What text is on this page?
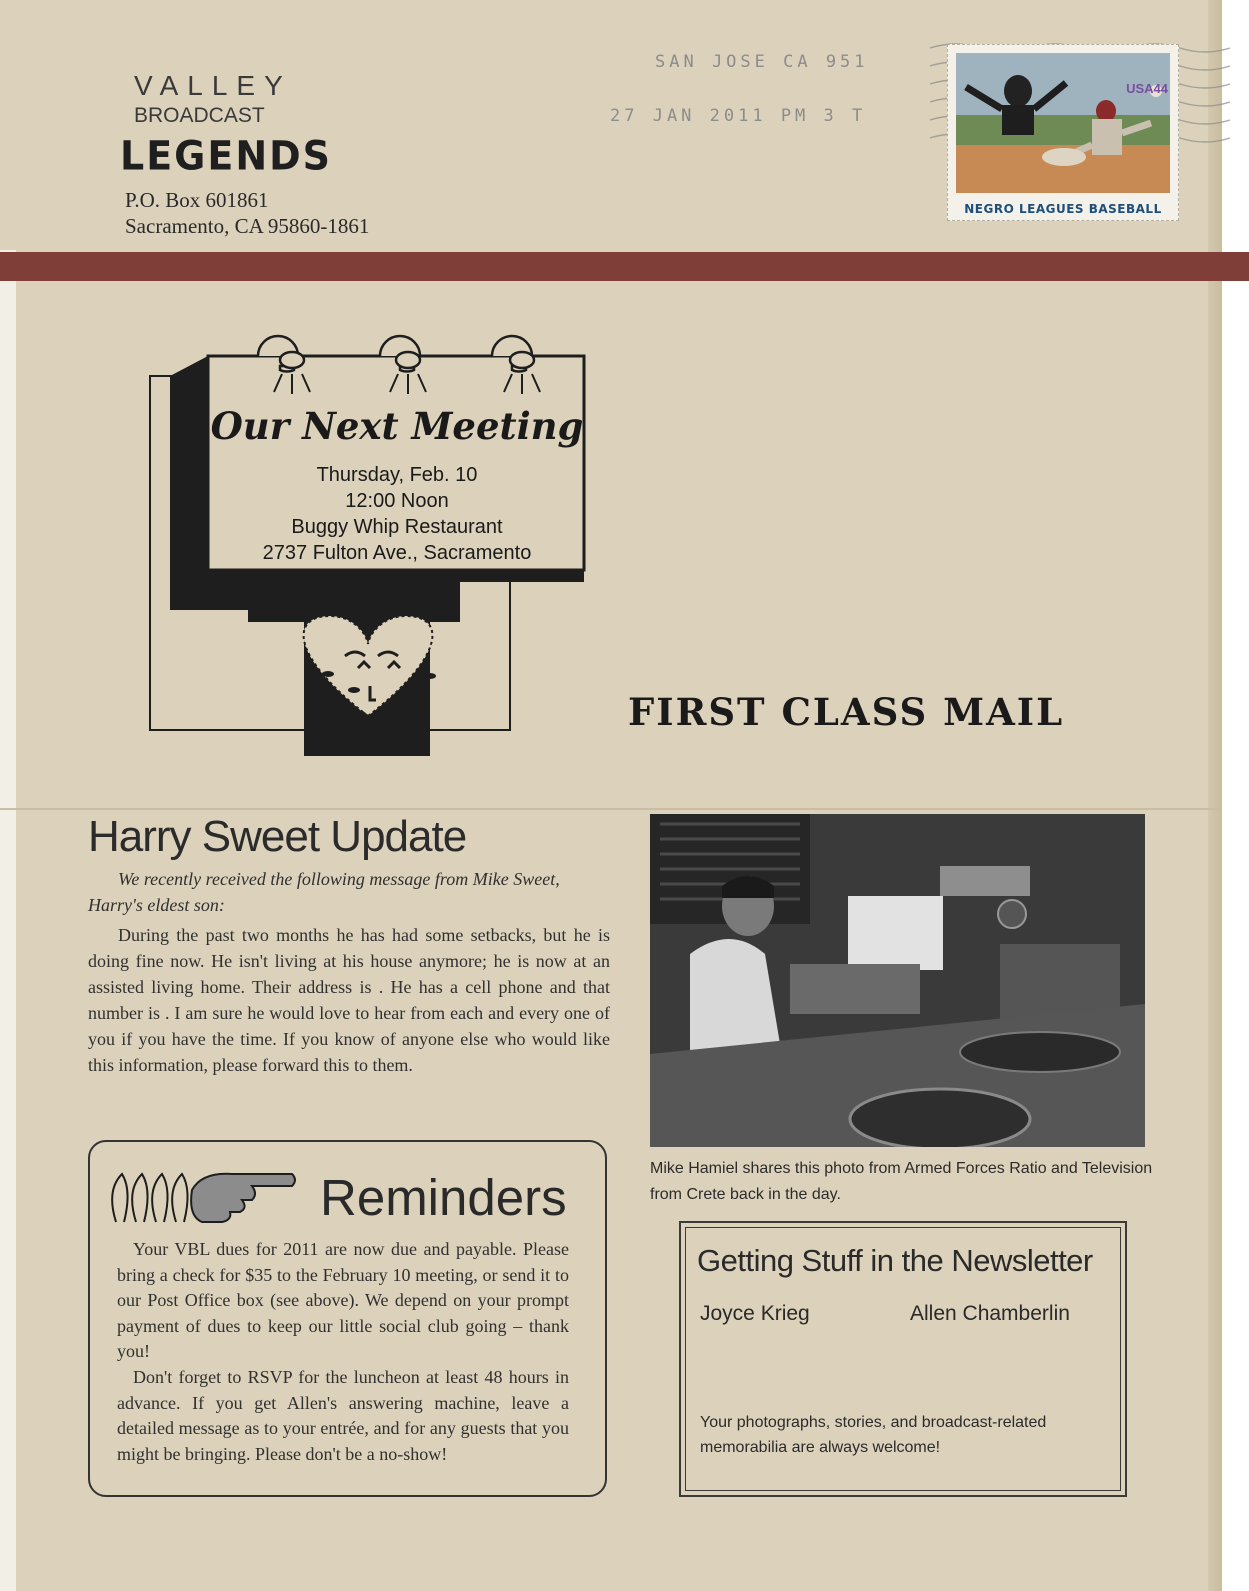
VALLEY
BROADCAST
LEGENDS
P.O. Box 601861
Sacramento, CA 95860-1861
SAN JOSE CA 951
27 JAN 2011 PM 3 T
USA44
NEGRO LEAGUES BASEBALL
Our Next Meeting
Thursday, Feb. 10
12:00 Noon
Buggy Whip Restaurant
2737 Fulton Ave., Sacramento
FIRST CLASS MAIL
Harry Sweet Update

We recently received the following message from Mike Sweet, Harry's eldest son:

During the past two months he has had some setbacks, but he is doing fine now. He isn't living at his house anymore; he is now at an assisted living home. Their address is . He has a cell phone and that number is . I am sure he would love to hear from each and every one of you if you have the time. If you know of anyone else who would like this information, please forward this to them.

Mike Hamiel shares this photo from Armed Forces Ratio and Television from Crete back in the day.

Reminders

Your VBL dues for 2011 are now due and payable. Please bring a check for $35 to the February 10 meeting, or send it to our Post Office box (see above). We depend on your prompt payment of dues to keep our little social club going – thank you!

Don't forget to RSVP for the luncheon at least 48 hours in advance. If you get Allen's answering machine, leave a detailed message as to your entrée, and for any guests that you might be bringing. Please don't be a no-show!

Getting Stuff in the Newsletter
Joyce Krieg	Allen Chamberlin

Your photographs, stories, and broadcast-related memorabilia are always welcome!
